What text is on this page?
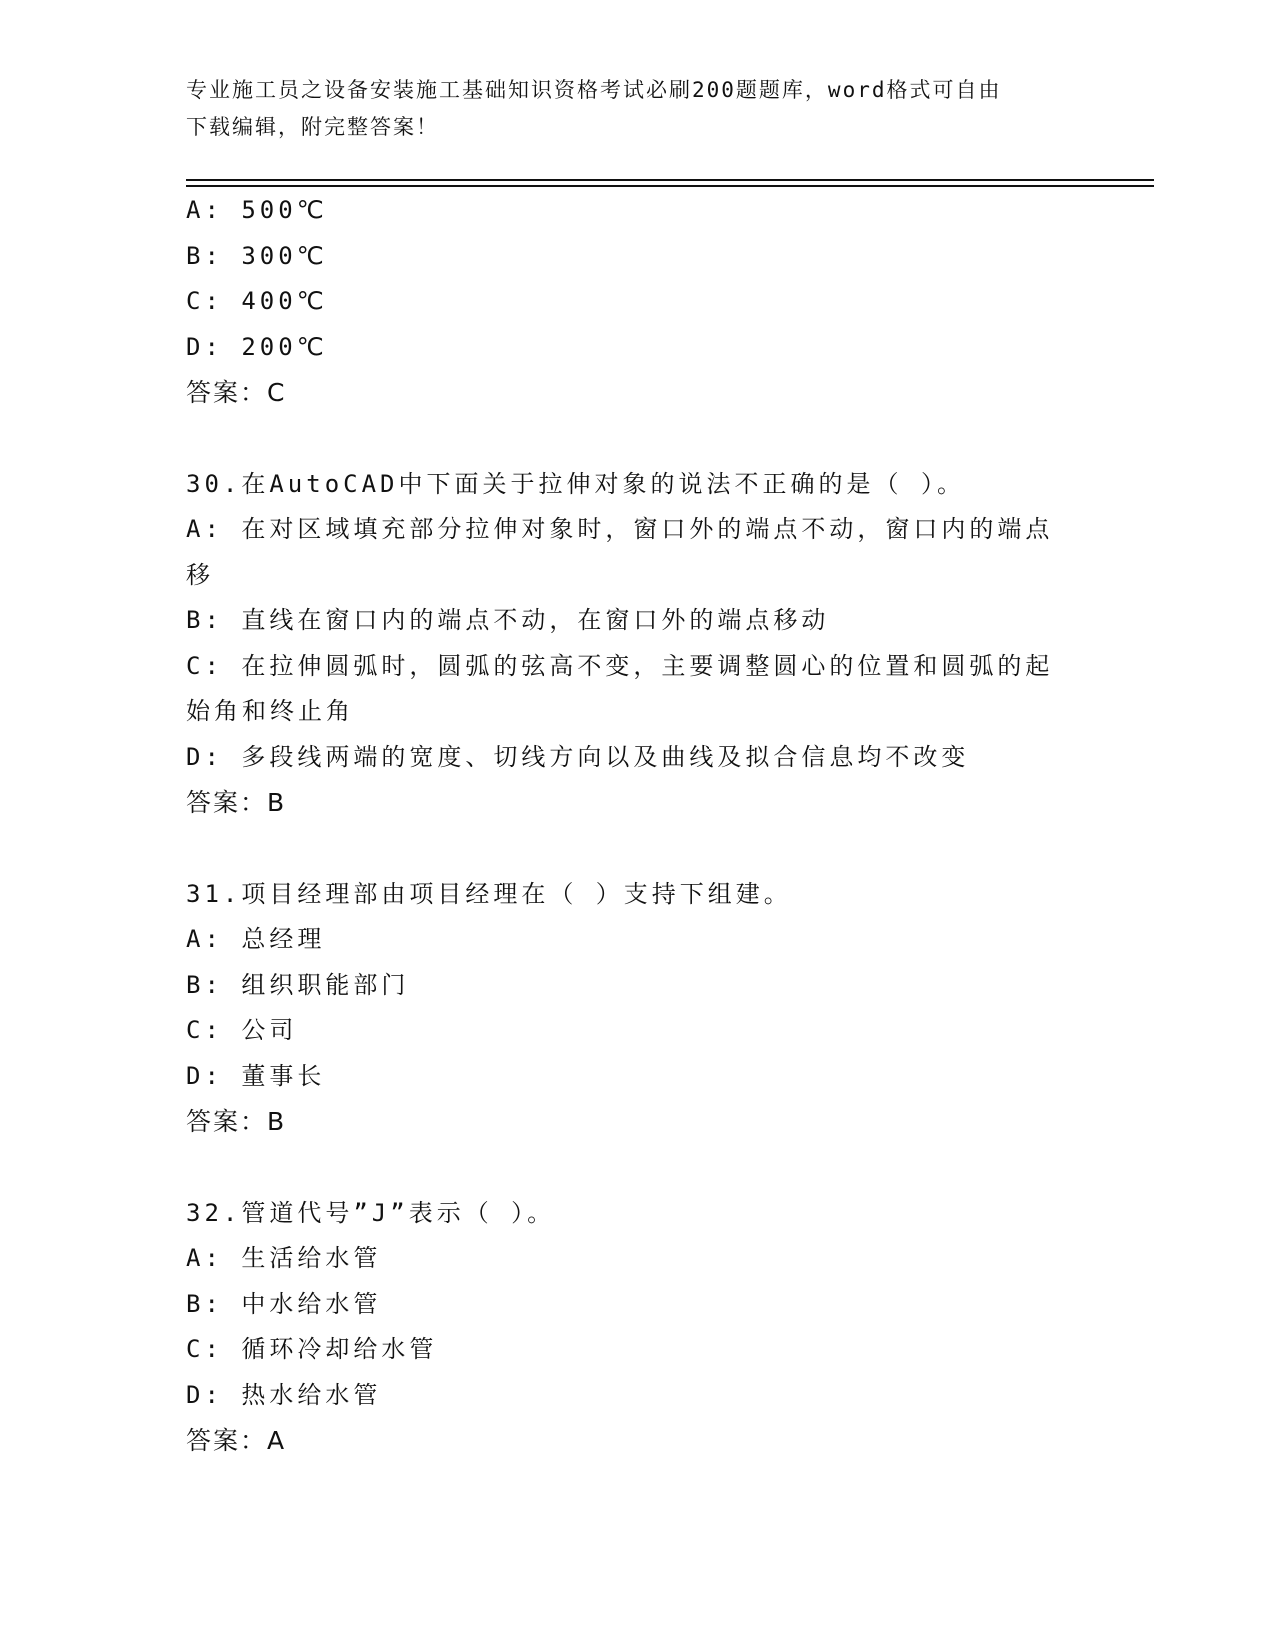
专业施工员之设备安装施工基础知识资格考试必刷200题题库，word格式可自由
下载编辑，附完整答案！
A: 500℃
B: 300℃
C: 400℃
D: 200℃
答案：C
30.在AutoCAD中下面关于拉伸对象的说法不正确的是（ ）。
A: 在对区域填充部分拉伸对象时，窗口外的端点不动，窗口内的端点
移
B: 直线在窗口内的端点不动，在窗口外的端点移动
C: 在拉伸圆弧时，圆弧的弦高不变，主要调整圆心的位置和圆弧的起
始角和终止角
D: 多段线两端的宽度、切线方向以及曲线及拟合信息均不改变
答案：B
31.项目经理部由项目经理在（ ）支持下组建。
A: 总经理
B: 组织职能部门
C: 公司
D: 董事长
答案：B
32.管道代号”J”表示（ ）。
A: 生活给水管
B: 中水给水管
C: 循环冷却给水管
D: 热水给水管
答案：A
